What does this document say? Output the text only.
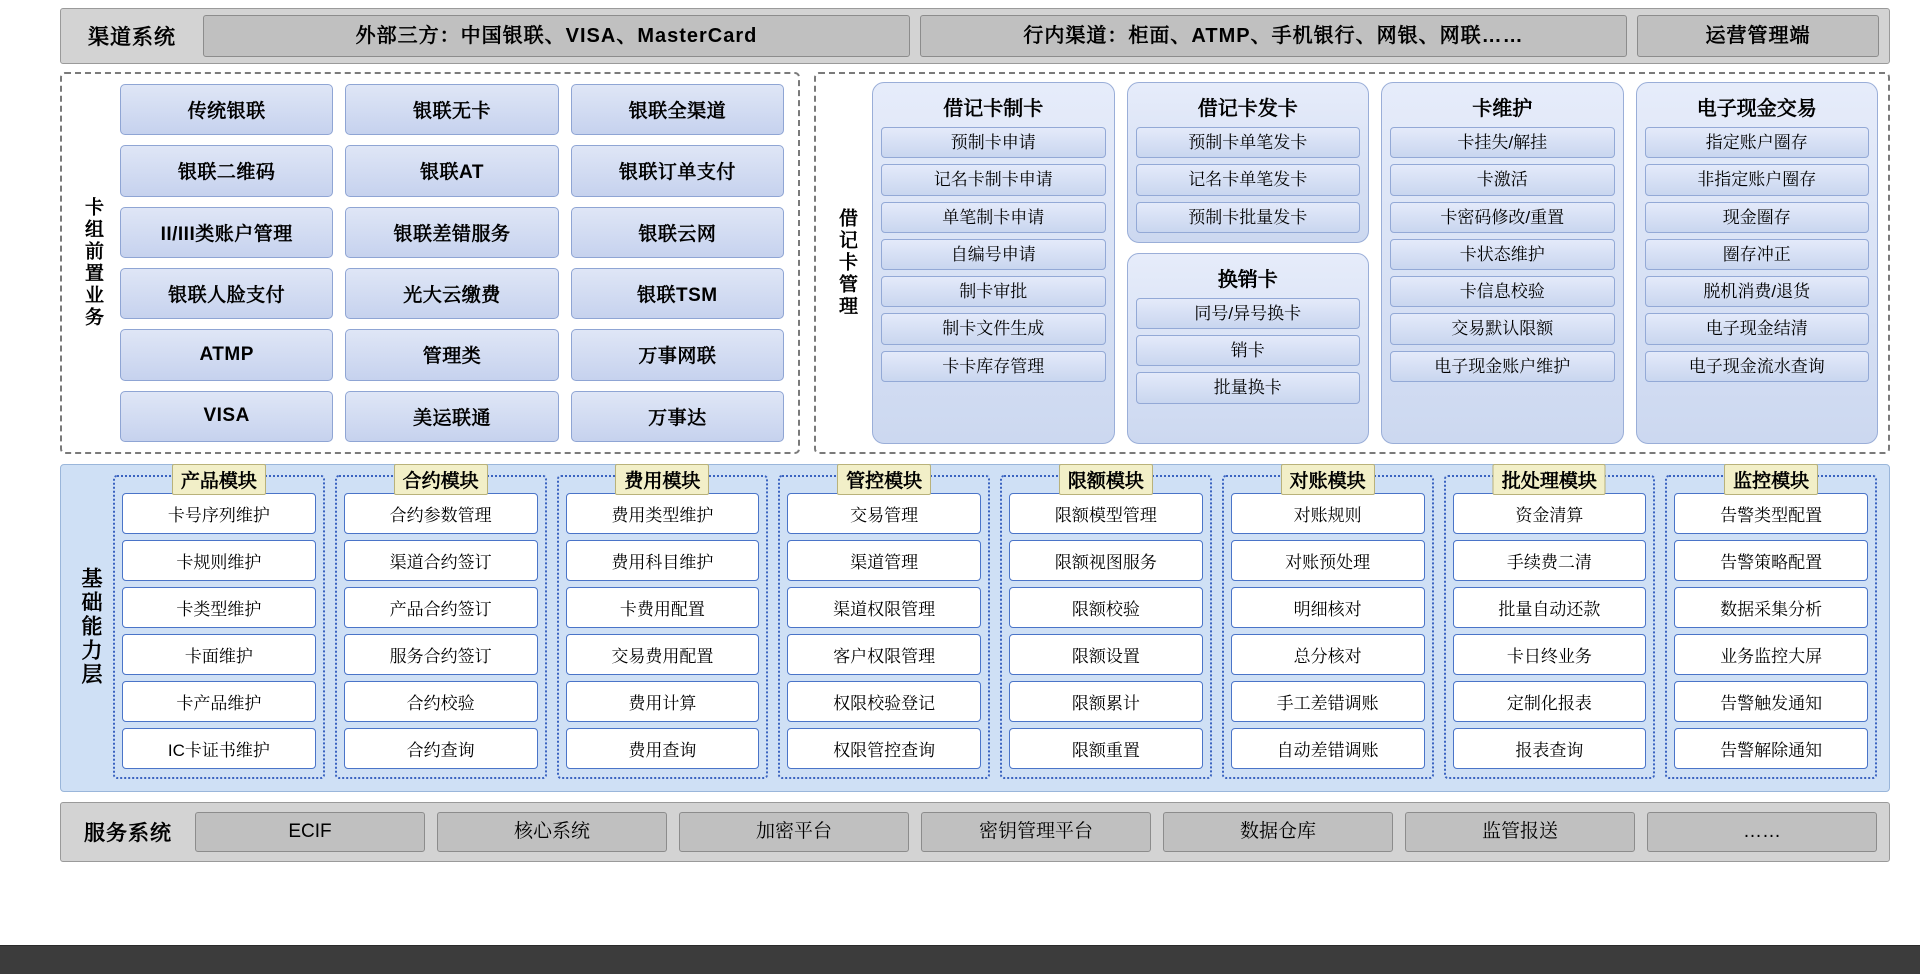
渠道系统	外部三方：中国银联、VISA、MasterCard	行内渠道：柜面、ATMP、手机银行、网银、网联……	运营管理端
卡组前置业务
传统银联	银联无卡	银联全渠道
银联二维码	银联AT	银联订单支付
II/III类账户管理	银联差错服务	银联云网
银联人脸支付	光大云缴费	银联TSM
ATMP	管理类	万事网联
VISA	美运联通	万事达
借记卡管理
借记卡制卡
预制卡申请
记名卡制卡申请
单笔制卡申请
自编号申请
制卡审批
制卡文件生成
卡卡库存管理
借记卡发卡
预制卡单笔发卡
记名卡单笔发卡
预制卡批量发卡
换销卡
同号/异号换卡
销卡
批量换卡
卡维护
卡挂失/解挂
卡激活
卡密码修改/重置
卡状态维护
卡信息校验
交易默认限额
电子现金账户维护
电子现金交易
指定账户圈存
非指定账户圈存
现金圈存
圈存冲正
脱机消费/退货
电子现金结清
电子现金流水查询
基础能力层
产品模块
卡号序列维护
卡规则维护
卡类型维护
卡面维护
卡产品维护
IC卡证书维护
合约模块
合约参数管理
渠道合约签订
产品合约签订
服务合约签订
合约校验
合约查询
费用模块
费用类型维护
费用科目维护
卡费用配置
交易费用配置
费用计算
费用查询
管控模块
交易管理
渠道管理
渠道权限管理
客户权限管理
权限校验登记
权限管控查询
限额模块
限额模型管理
限额视图服务
限额校验
限额设置
限额累计
限额重置
对账模块
对账规则
对账预处理
明细核对
总分核对
手工差错调账
自动差错调账
批处理模块
资金清算
手续费二清
批量自动还款
卡日终业务
定制化报表
报表查询
监控模块
告警类型配置
告警策略配置
数据采集分析
业务监控大屏
告警触发通知
告警解除通知
服务系统	ECIF	核心系统	加密平台	密钥管理平台	数据仓库	监管报送	……
